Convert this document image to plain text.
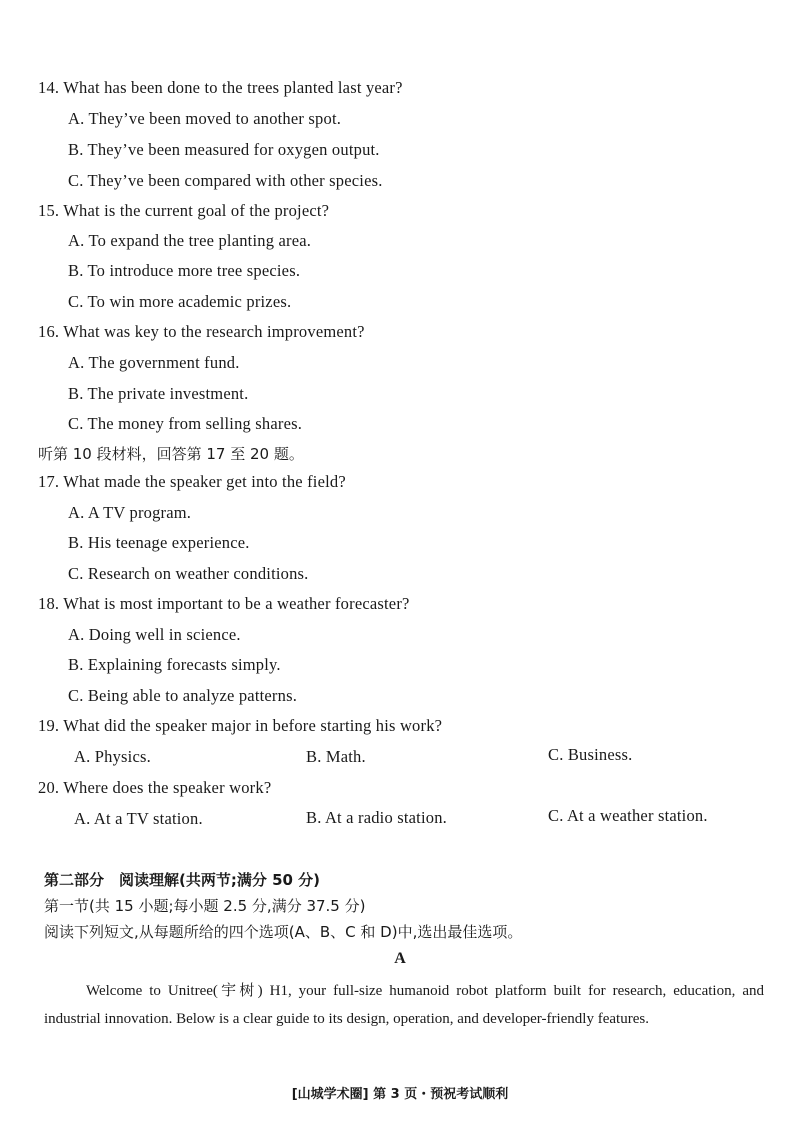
14. What has been done to the trees planted last year?
A. They’ve been moved to another spot.
B. They’ve been measured for oxygen output.
C. They’ve been compared with other species.
15. What is the current goal of the project?
A. To expand the tree planting area.
B. To introduce more tree species.
C. To win more academic prizes.
16. What was key to the research improvement?
A. The government fund.
B. The private investment.
C. The money from selling shares.
听第 10 段材料，回答第 17 至 20 题。
17. What made the speaker get into the field?
A. A TV program.
B. His teenage experience.
C. Research on weather conditions.
18. What is most important to be a weather forecaster?
A. Doing well in science.
B. Explaining forecasts simply.
C. Being able to analyze patterns.
19. What did the speaker major in before starting his work?
A. Physics.	B. Math.	C. Business.
20. Where does the speaker work?
A. At a TV station.	B. At a radio station.	C. At a weather station.
第二部分　阅读理解(共两节;满分 50 分)
第一节(共 15 小题;每小题 2.5 分,满分 37.5 分)
阅读下列短文,从每题所给的四个选项(A、B、C 和 D)中,选出最佳选项。
A
Welcome to Unitree(宇树) H1, your full-size humanoid robot platform built for research, education, and industrial innovation. Below is a clear guide to its design, operation, and developer-friendly features.
[山城学术圈] 第 3 页・预祝考试顺利
